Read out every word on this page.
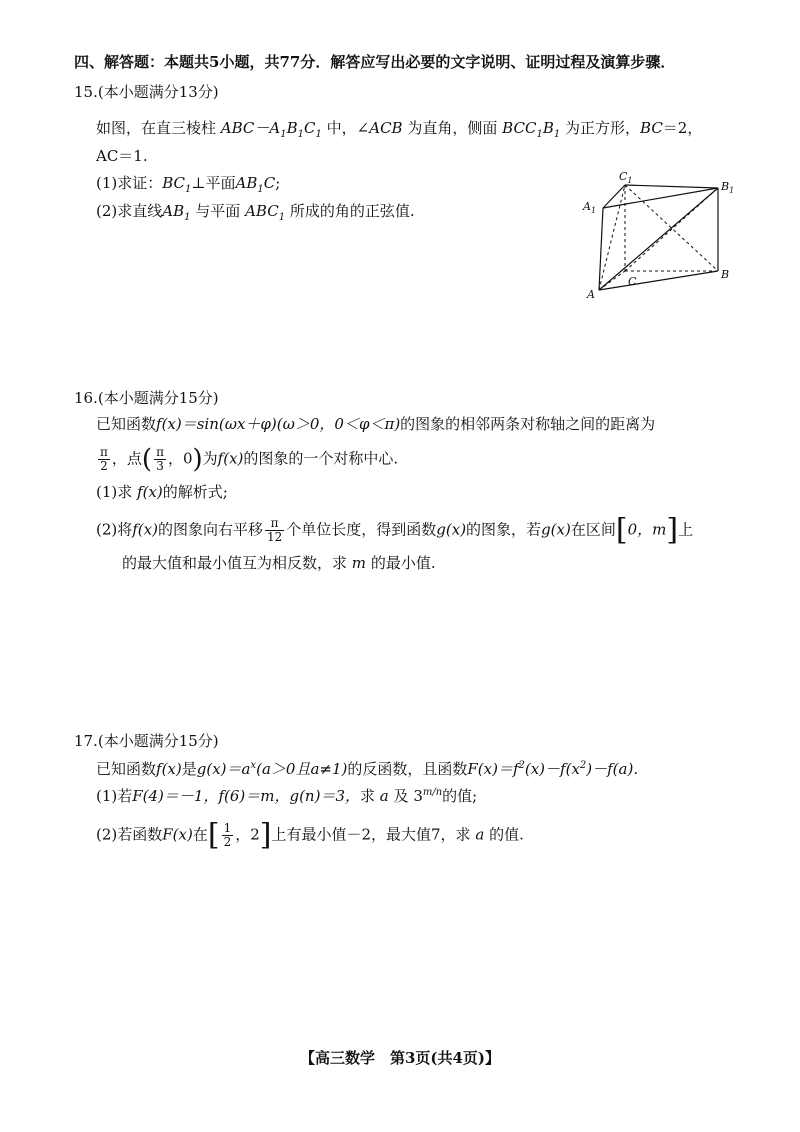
四、解答题：本题共5小题，共77分．解答应写出必要的文字说明、证明过程及演算步骤．
15.(本小题满分13分)
如图，在直三棱柱 $ABC-A_1B_1C_1$ 中，∠ACB 为直角，侧面 $BCC_1B_1$ 为正方形，BC＝2，
AC＝1.
(1)求证：$BC_1\perp$平面$AB_1C$;
(2)求直线$AB_1$ 与平面 $ABC_1$ 所成的角的正弦值.
$C_1$	$B_1$
$A_1$
A
B
C
16.(本小题满分15分)
已知函数f(x)＝sin(ωx＋φ)(ω＞0，0＜φ＜π)的图象的相邻两条对称轴之间的距离为
$\frac{\pi}{2}$ ，点( $\frac{\pi}{3}$ ，0)为f(x)的图象的一个对称中心.
(1)求 f(x)的解析式;
(2)将f(x)的图象向右平移 $\frac{\pi}{12}$ 个单位长度，得到函数g(x)的图象，若g(x)在区间[0，m]上
的最大值和最小值互为相反数，求 m 的最小值.
17.(本小题满分15分)
已知函数f(x)是$g(x)=a^x(a>0$且a≠1)的反函数，且函数$F(x)=f^2(x)-f(x^2)-f(a)$.
(1)若F(4)＝－1，f(6)＝m，g(n)＝3，求 a 及 $3^{m/n}$的值;
(2)若函数F(x)在[ $\frac{1}{2}$ ，2]上有最小值－2，最大值7，求 a 的值.
【高三数学　第3页(共4页)】
